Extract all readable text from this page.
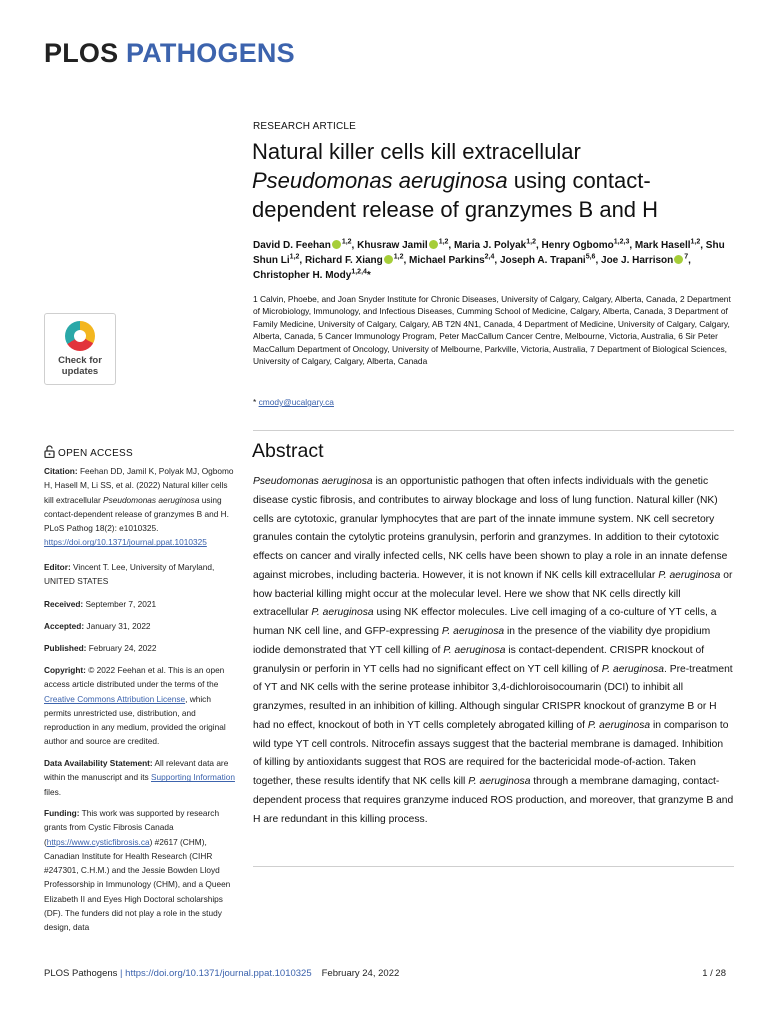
PLOS PATHOGENS
RESEARCH ARTICLE
Natural killer cells kill extracellular
Pseudomonas aeruginosa using contact-
dependent release of granzymes B and H
David D. Feehan $^{1,2}$, Khusraw Jamil $^{1,2}$, Maria J. Polyak$^{1,2}$, Henry Ogbomo$^{1,2,3}$, Mark Hasell$^{1,2}$, Shu Shun Li$^{1,2}$, Richard F. Xiang $^{1,2}$, Michael Parkins$^{2,4}$, Joseph A. Trapani$^{5,6}$, Joe J. Harrison $^7$, Christopher H. Mody$^{1,2,4}$*
1 Calvin, Phoebe, and Joan Snyder Institute for Chronic Diseases, University of Calgary, Calgary, Alberta, Canada, 2 Department of Microbiology, Immunology, and Infectious Diseases, Cumming School of Medicine, Calgary, Alberta, Canada, 3 Department of Family Medicine, University of Calgary, Calgary, AB T2N 4N1, Canada, 4 Department of Medicine, University of Calgary, Calgary, Alberta, Canada, 5 Cancer Immunology Program, Peter MacCallum Cancer Centre, Melbourne, Victoria, Australia, 6 Sir Peter MacCallum Department of Oncology, University of Melbourne, Parkville, Victoria, Australia, 7 Department of Biological Sciences, University of Calgary, Calgary, Alberta, Canada
* cmody@ucalgary.ca
Check for
updates
OPEN ACCESS
Citation: Feehan DD, Jamil K, Polyak MJ, Ogbomo H, Hasell M, Li SS, et al. (2022) Natural killer cells kill extracellular Pseudomonas aeruginosa using contact-dependent release of granzymes B and H. PLoS Pathog 18(2): e1010325. https://doi.org/10.1371/journal.ppat.1010325
Editor: Vincent T. Lee, University of Maryland, UNITED STATES
Received: September 7, 2021
Accepted: January 31, 2022
Published: February 24, 2022
Copyright: © 2022 Feehan et al. This is an open access article distributed under the terms of the Creative Commons Attribution License, which permits unrestricted use, distribution, and reproduction in any medium, provided the original author and source are credited.
Data Availability Statement: All relevant data are within the manuscript and its Supporting Information files.
Funding: This work was supported by research grants from Cystic Fibrosis Canada (https://www.cysticfibrosis.ca) #2617 (CHM), Canadian Institute for Health Research (CIHR #247301, C.H.M.) and the Jessie Bowden Lloyd Professorship in Immunology (CHM), and a Queen Elizabeth II and Eyes High Doctoral scholarships (DF). The funders did not play a role in the study design, data
Abstract
Pseudomonas aeruginosa is an opportunistic pathogen that often infects individuals with the genetic disease cystic fibrosis, and contributes to airway blockage and loss of lung function. Natural killer (NK) cells are cytotoxic, granular lymphocytes that are part of the innate immune system. NK cell secretory granules contain the cytolytic proteins granulysin, perforin and granzymes. In addition to their cytotoxic effects on cancer and virally infected cells, NK cells have been shown to play a role in an innate defense against microbes, including bacteria. However, it is not known if NK cells kill extracellular P. aeruginosa or how bacterial killing might occur at the molecular level. Here we show that NK cells directly kill extracellular P. aeruginosa using NK effector molecules. Live cell imaging of a co-culture of YT cells, a human NK cell line, and GFP-expressing P. aeruginosa in the presence of the viability dye propidium iodide demonstrated that YT cell killing of P. aeruginosa is contact-dependent. CRISPR knockout of granulysin or perforin in YT cells had no significant effect on YT cell killing of P. aeruginosa. Pre-treatment of YT and NK cells with the serine protease inhibitor 3,4-dichloroisocoumarin (DCI) to inhibit all granzymes, resulted in an inhibition of killing. Although singular CRISPR knockout of granzyme B or H had no effect, knockout of both in YT cells completely abrogated killing of P. aeruginosa in comparison to wild type YT cell controls. Nitrocefin assays suggest that the bacterial membrane is damaged. Inhibition of killing by antioxidants suggest that ROS are required for the bactericidal mode-of-action. Taken together, these results identify that NK cells kill P. aeruginosa through a membrane damaging, contact-dependent process that requires granzyme induced ROS production, and moreover, that granzyme B and H are redundant in this killing process.
PLOS Pathogens | https://doi.org/10.1371/journal.ppat.1010325 February 24, 2022	1 / 28
